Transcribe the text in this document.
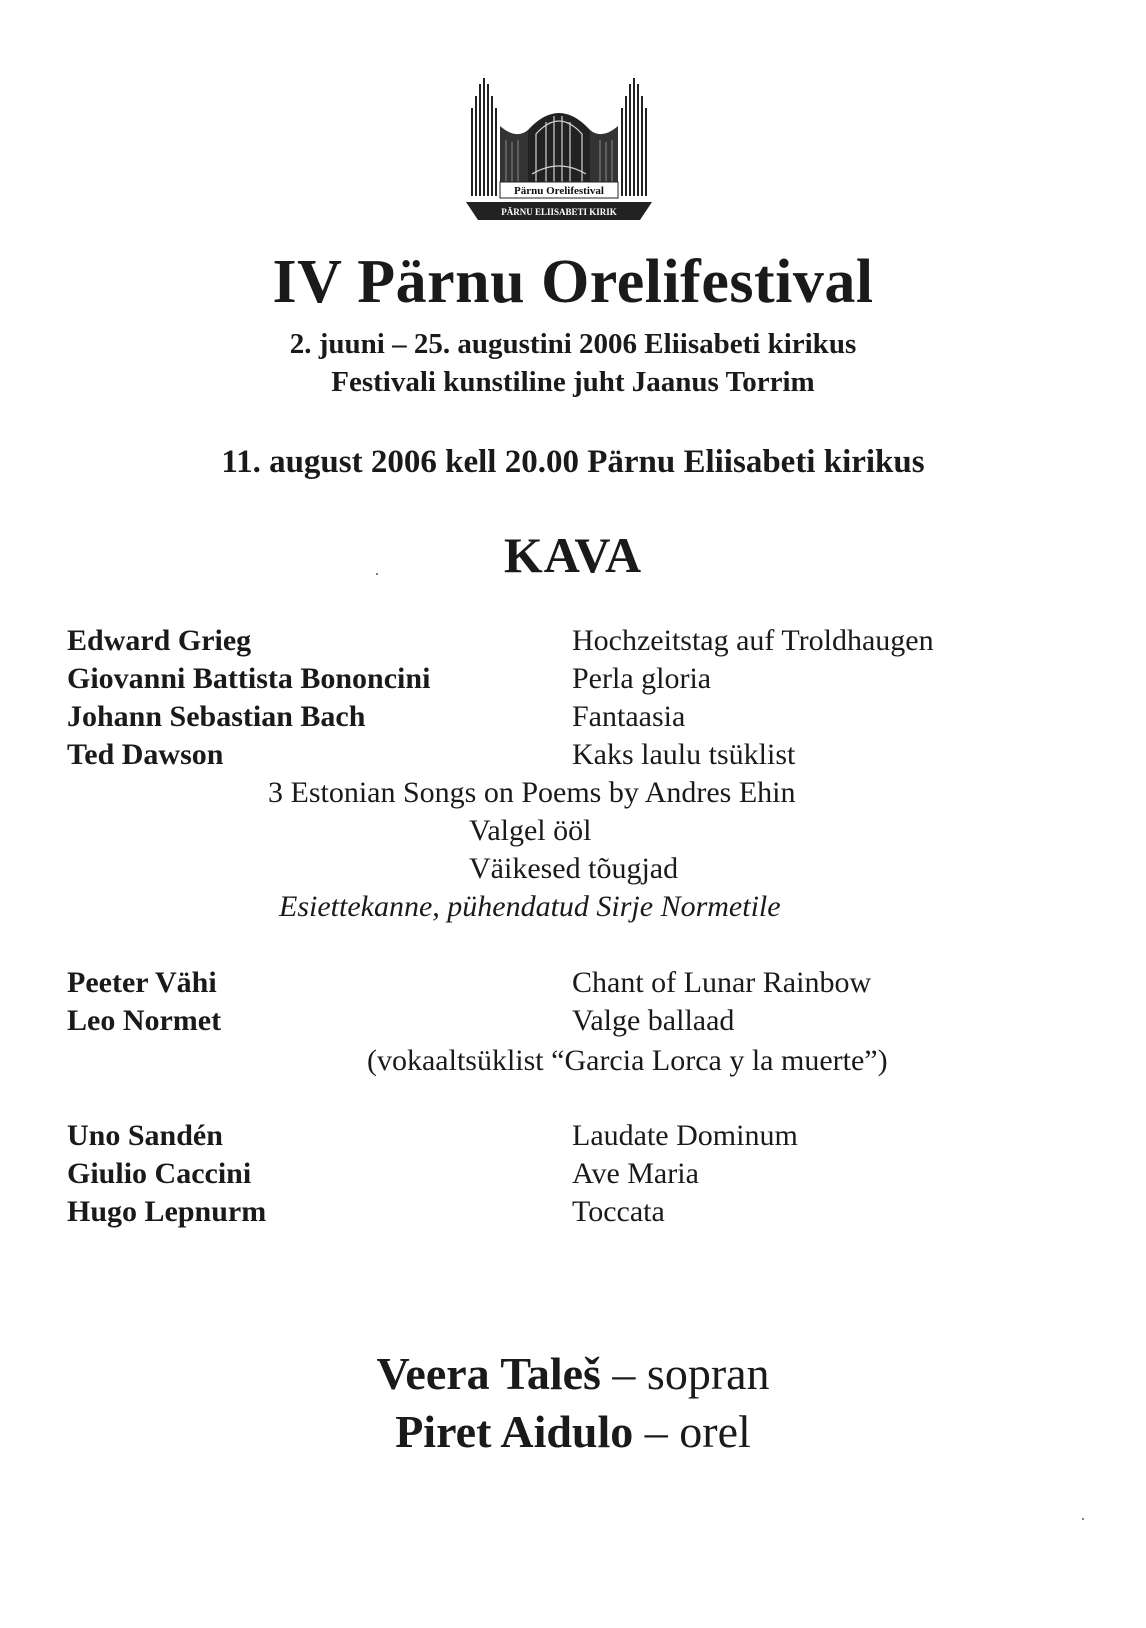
Pärnu Orelifestival
PÄRNU ELIISABETI KIRIK
IV Pärnu Orelifestival
2. juuni – 25. augustini 2006 Eliisabeti kirikus
Festivali kunstiline juht Jaanus Torrim
11. august 2006 kell 20.00 Pärnu Eliisabeti kirikus
KAVA
Edward Grieg	Hochzeitstag auf Troldhaugen
Giovanni Battista Bononcini	Perla gloria
Johann Sebastian Bach	Fantaasia
Ted Dawson	Kaks laulu tsüklist
3 Estonian Songs on Poems by Andres Ehin
Valgel ööl
Väikesed tõugjad
Esiettekanne, pühendatud Sirje Normetile
Peeter Vähi	Chant of Lunar Rainbow
Leo Normet	Valge ballaad
(vokaaltsüklist “Garcia Lorca y la muerte”)
Uno Sandén	Laudate Dominum
Giulio Caccini	Ave Maria
Hugo Lepnurm	Toccata
Veera Taleš – sopran
Piret Aidulo – orel
